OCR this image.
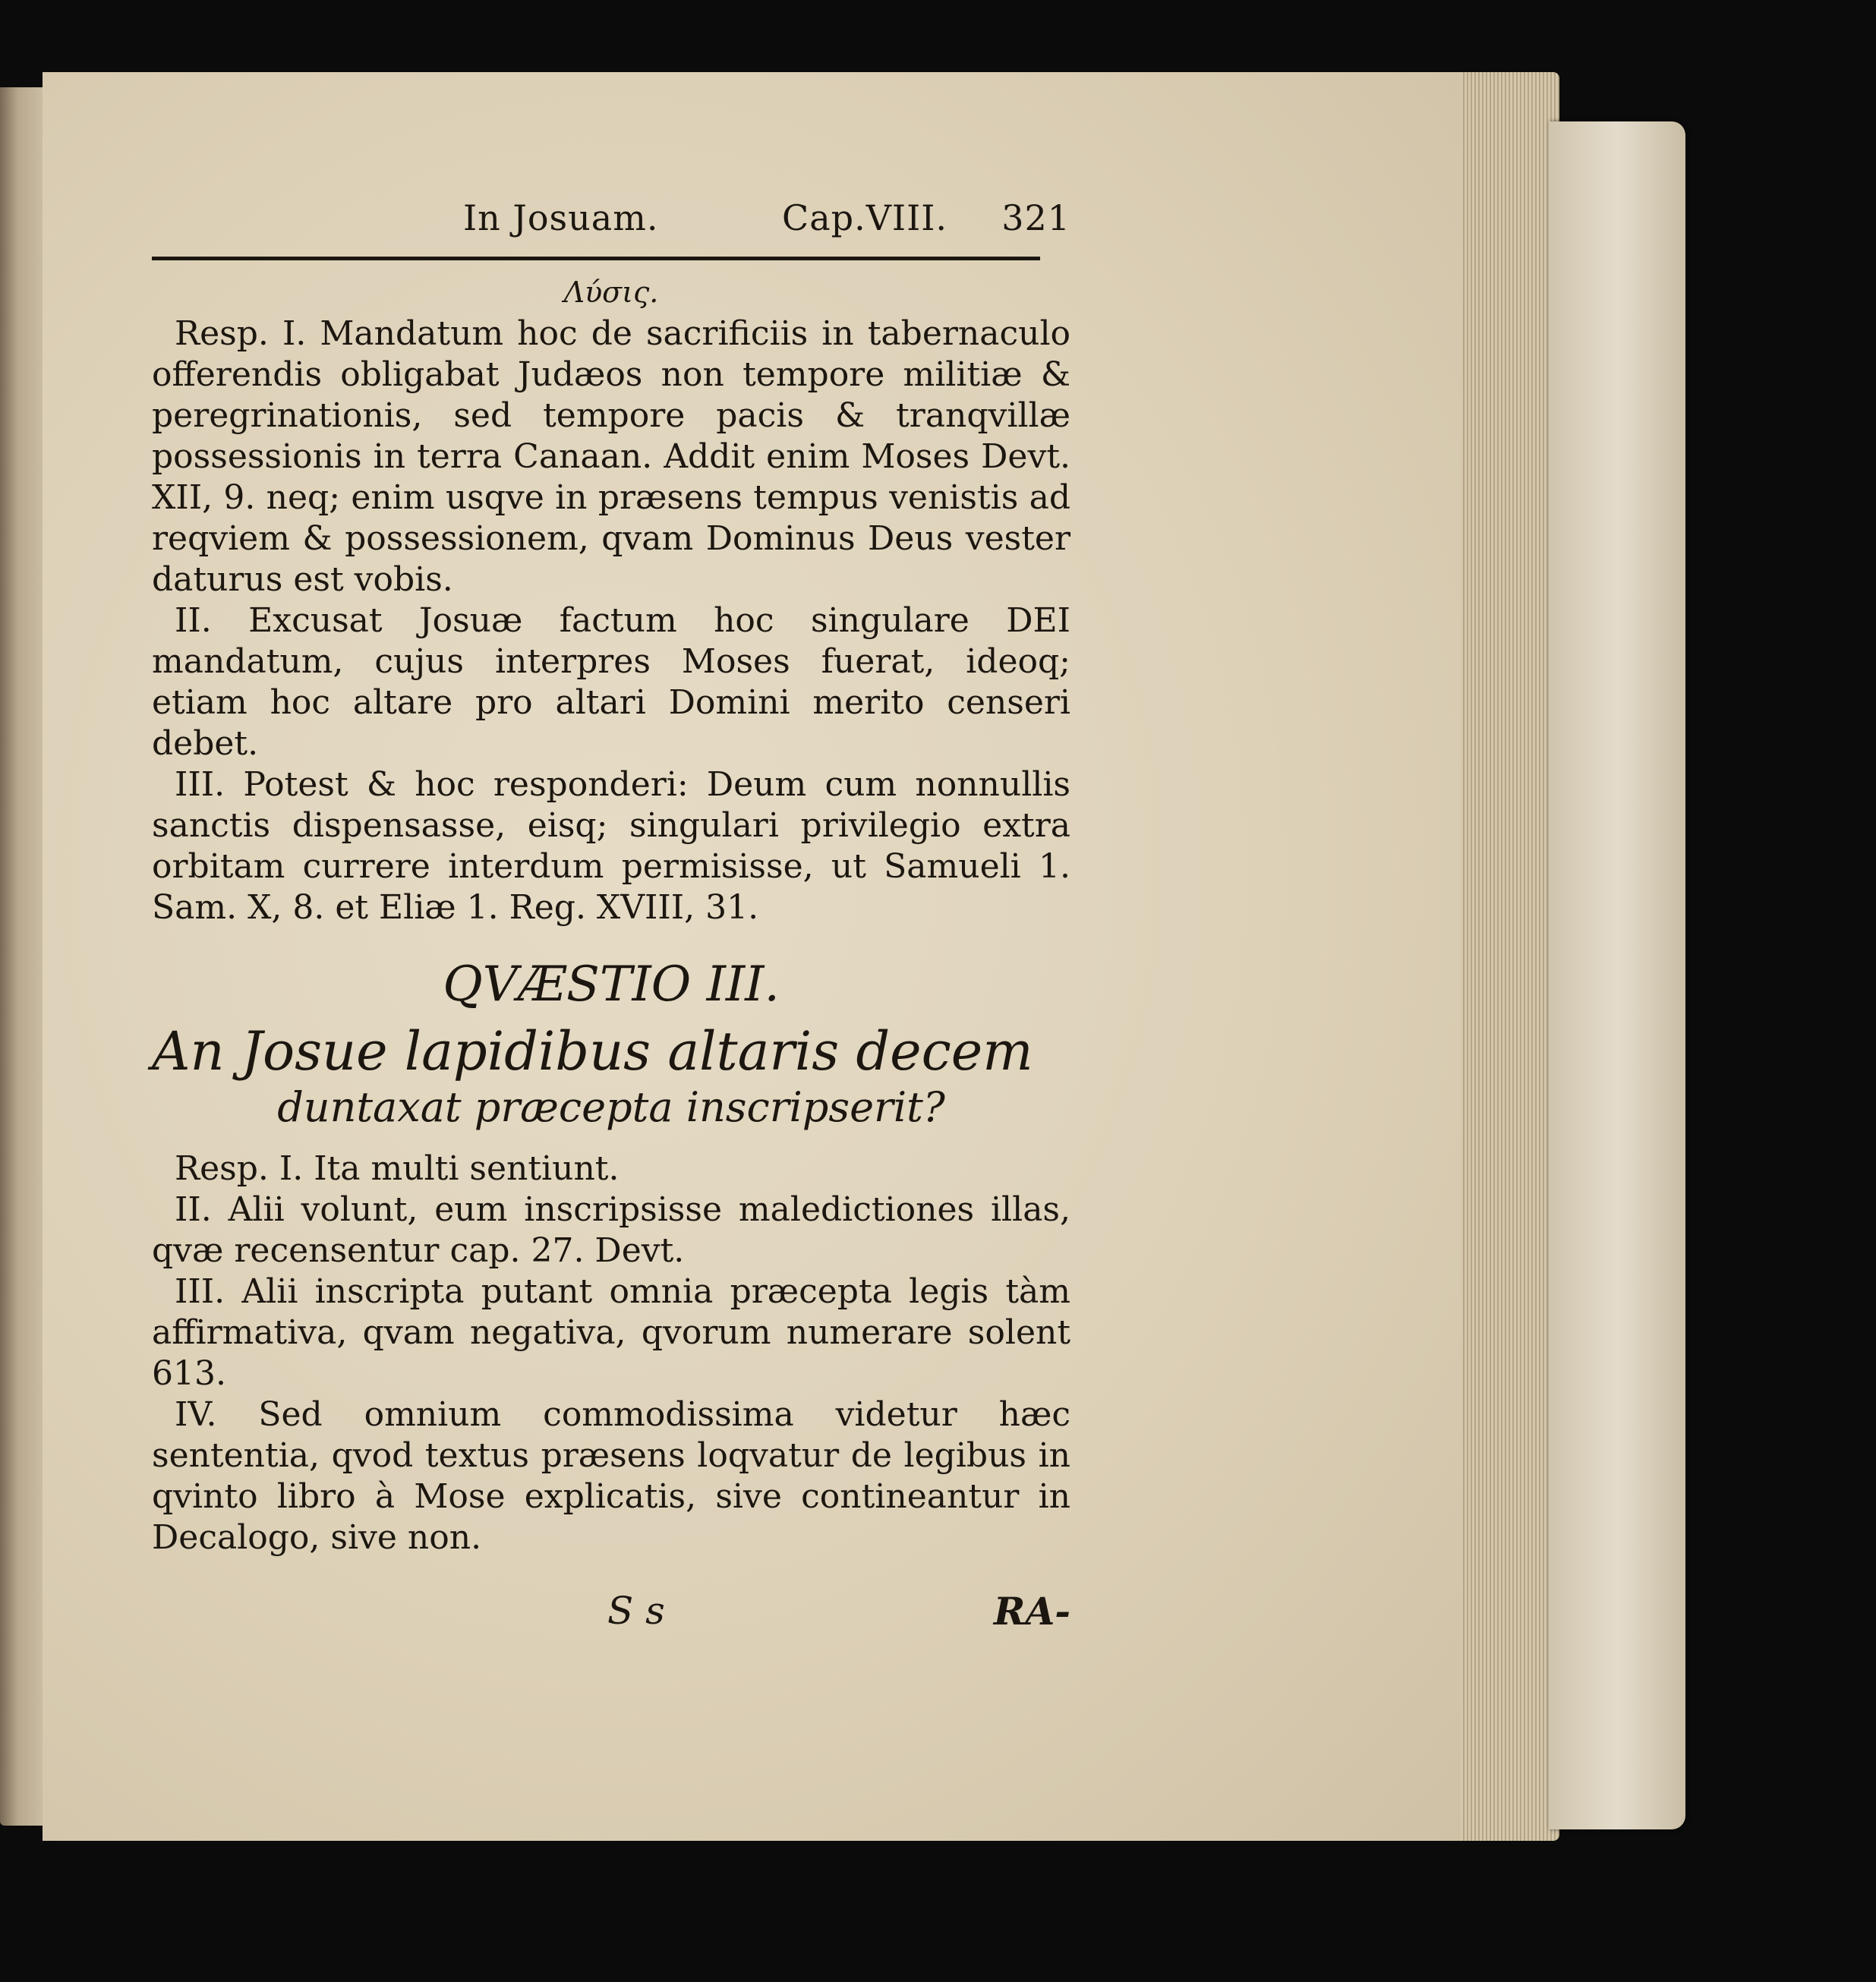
In Josuam.	Cap.VIII. 321
Λύσις.

Resp. I. Mandatum hoc de sacrificiis in tabernaculo offerendis obligabat Judæos non tempore militiæ & peregrinationis, sed tempore pacis & tranqvillæ possessionis in terra Canaan. Addit enim Moses Devt. XII, 9. neq; enim usqve in præsens tempus venistis ad reqviem & possessionem, qvam Dominus Deus vester daturus est vobis.

II. Excusat Josuæ factum hoc singulare DEI mandatum, cujus interpres Moses fuerat, ideoq; etiam hoc altare pro altari Domini merito censeri debet.

III. Potest & hoc responderi: Deum cum nonnullis sanctis dispensasse, eisq; singulari privilegio extra orbitam currere interdum permisisse, ut Samueli 1. Sam. X, 8. et Eliæ 1. Reg. XVIII, 31.

QVÆSTIO III.
An Josue lapidibus altaris decem
duntaxat præcepta inscripserit?

Resp. I. Ita multi sentiunt.

II. Alii volunt, eum inscripsisse maledictiones illas, qvæ recensentur cap. 27. Devt.

III. Alii inscripta putant omnia præcepta legis tàm affirmativa, qvam negativa, qvorum numerare solent 613.

IV. Sed omnium commodissima videtur hæc sententia, qvod textus præsens loqvatur de legibus in qvinto libro à Mose explicatis, sive contineantur in Decalogo, sive non.

S s	RA-
